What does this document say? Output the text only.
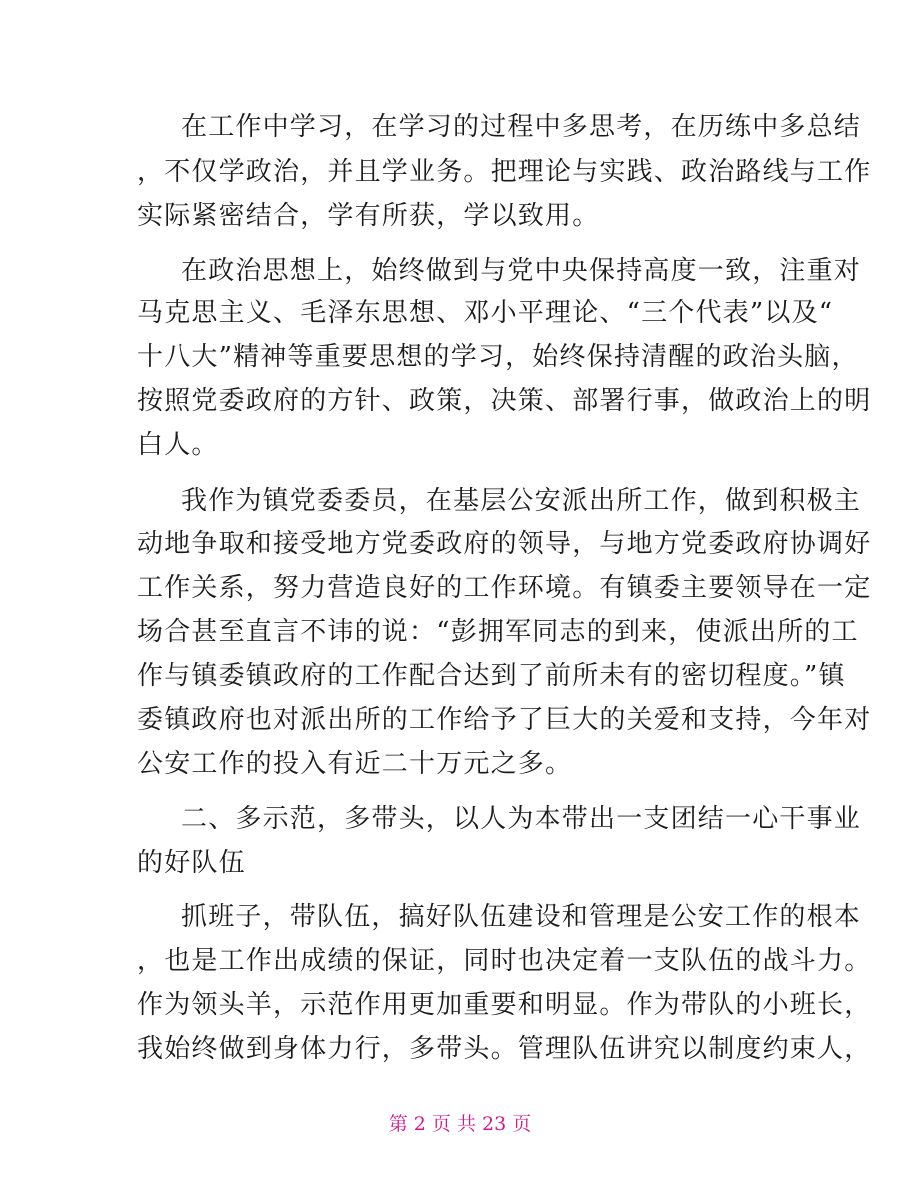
在工作中学习，在学习的过程中多思考，在历练中多总结
，不仅学政治，并且学业务。把理论与实践、政治路线与工作
实际紧密结合，学有所获，学以致用。
在政治思想上，始终做到与党中央保持高度一致，注重对
马克思主义、毛泽东思想、邓小平理论、“三个代表”以及“
十八大”精神等重要思想的学习，始终保持清醒的政治头脑，
按照党委政府的方针、政策，决策、部署行事，做政治上的明
白人。
我作为镇党委委员，在基层公安派出所工作，做到积极主
动地争取和接受地方党委政府的领导，与地方党委政府协调好
工作关系，努力营造良好的工作环境。有镇委主要领导在一定
场合甚至直言不讳的说：“彭拥军同志的到来，使派出所的工
作与镇委镇政府的工作配合达到了前所未有的密切程度。”镇
委镇政府也对派出所的工作给予了巨大的关爱和支持，今年对
公安工作的投入有近二十万元之多。
二、多示范，多带头，以人为本带出一支团结一心干事业
的好队伍
抓班子，带队伍，搞好队伍建设和管理是公安工作的根本
，也是工作出成绩的保证，同时也决定着一支队伍的战斗力。
作为领头羊，示范作用更加重要和明显。作为带队的小班长，
我始终做到身体力行，多带头。管理队伍讲究以制度约束人，
第 2 页 共 23 页
